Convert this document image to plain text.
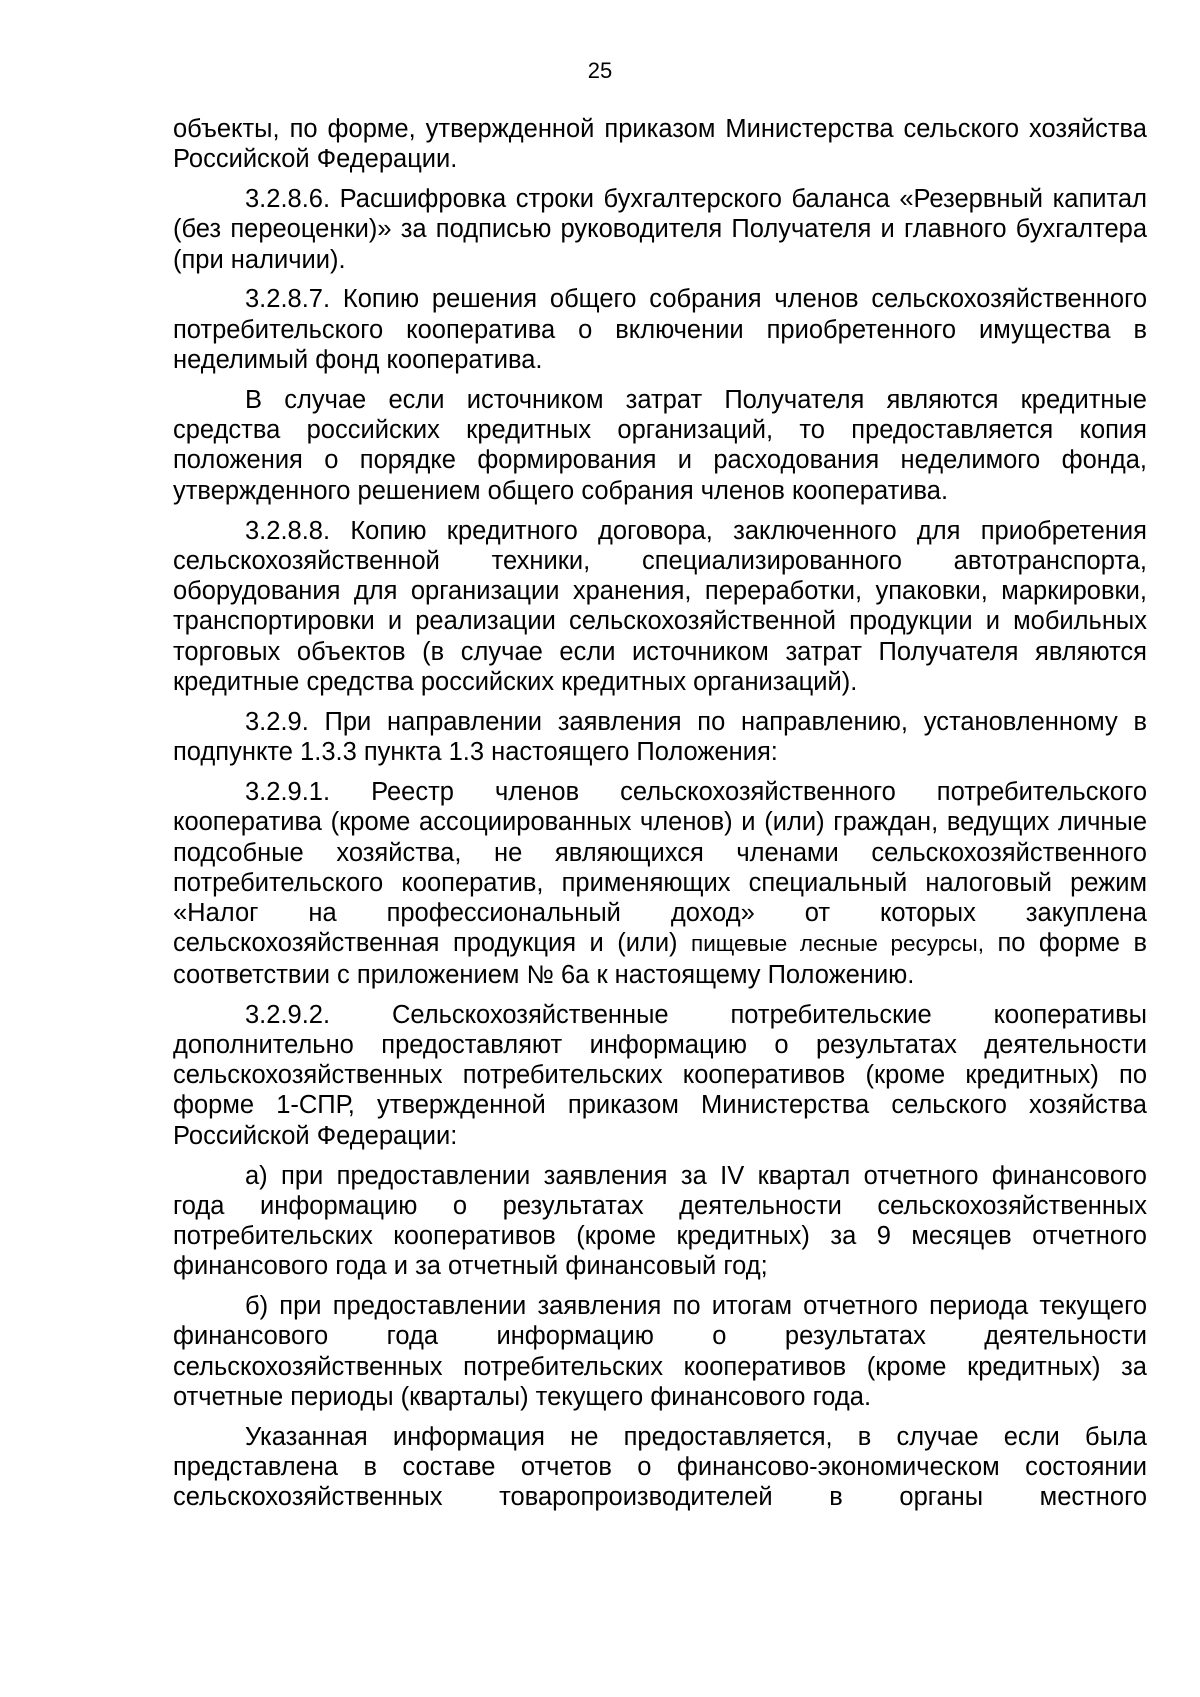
25

объекты, по форме, утвержденной приказом Министерства сельского хозяйства Российской Федерации.

3.2.8.6. Расшифровка строки бухгалтерского баланса «Резервный капитал (без переоценки)» за подписью руководителя Получателя и главного бухгалтера (при наличии).

3.2.8.7. Копию решения общего собрания членов сельскохозяйственного потребительского кооператива о включении приобретенного имущества в неделимый фонд кооператива.

В случае если источником затрат Получателя являются кредитные средства российских кредитных организаций, то предоставляется копия положения о порядке формирования и расходования неделимого фонда, утвержденного решением общего собрания членов кооператива.

3.2.8.8. Копию кредитного договора, заключенного для приобретения сельскохозяйственной техники, специализированного автотранспорта, оборудования для организации хранения, переработки, упаковки, маркировки, транспортировки и реализации сельскохозяйственной продукции и мобильных торговых объектов (в случае если источником затрат Получателя являются кредитные средства российских кредитных организаций).

3.2.9. При направлении заявления по направлению, установленному в подпункте 1.3.3 пункта 1.3 настоящего Положения:

3.2.9.1. Реестр членов сельскохозяйственного потребительского кооператива (кроме ассоциированных членов) и (или) граждан, ведущих личные подсобные хозяйства, не являющихся членами сельскохозяйственного потребительского кооператив, применяющих специальный налоговый режим «Налог на профессиональный доход» от которых закуплена сельскохозяйственная продукция и (или) пищевые лесные ресурсы, по форме в соответствии с приложением № 6а к настоящему Положению.

3.2.9.2. Сельскохозяйственные потребительские кооперативы дополнительно предоставляют информацию о результатах деятельности сельскохозяйственных потребительских кооперативов (кроме кредитных) по форме 1-СПР, утвержденной приказом Министерства сельского хозяйства Российской Федерации:

а) при предоставлении заявления за IV квартал отчетного финансового года информацию о результатах деятельности сельскохозяйственных потребительских кооперативов (кроме кредитных) за 9 месяцев отчетного финансового года и за отчетный финансовый год;

б) при предоставлении заявления по итогам отчетного периода текущего финансового года информацию о результатах деятельности сельскохозяйственных потребительских кооперативов (кроме кредитных) за отчетные периоды (кварталы) текущего финансового года.

Указанная информация не предоставляется, в случае если была представлена в составе отчетов о финансово-экономическом состоянии сельскохозяйственных товаропроизводителей в органы местного
